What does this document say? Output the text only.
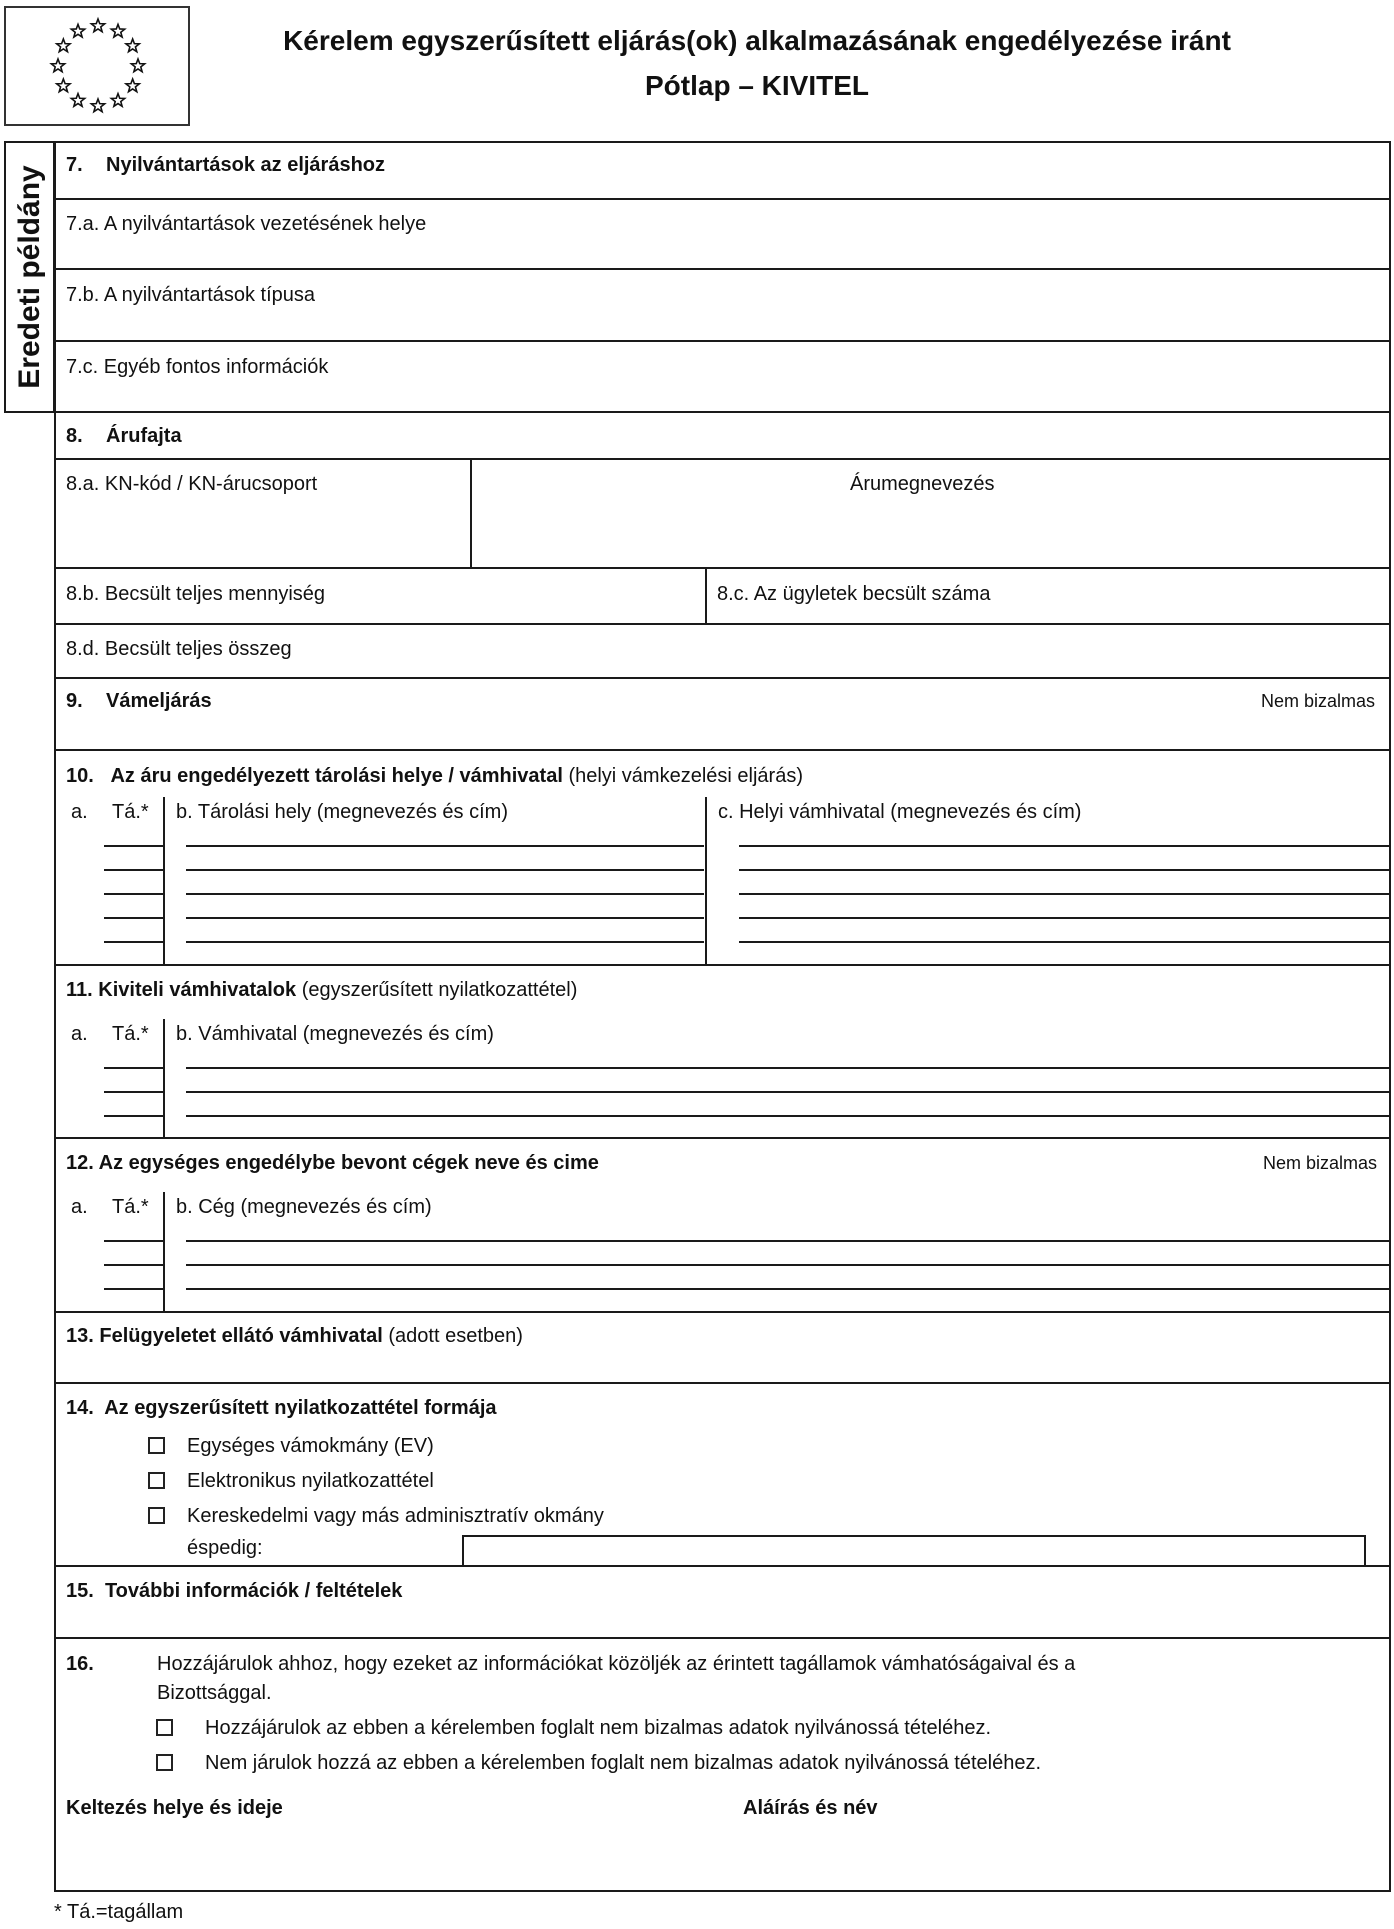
Kérelem egyszerűsített eljárás(ok) alkalmazásának engedélyezése iránt
Pótlap – KIVITEL
Eredeti példány
7. Nyilvántartások az eljáráshoz
7.a. A nyilvántartások vezetésének helye
7.b. A nyilvántartások típusa
7.c. Egyéb fontos információk
8. Árufajta
8.a. KN-kód / KN-árucsoport	Árumegnevezés
8.b. Becsült teljes mennyiség	8.c. Az ügyletek becsült száma
8.d. Becsült teljes összeg
9. Vámeljárás	Nem bizalmas
10. Az áru engedélyezett tárolási helye / vámhivatal (helyi vámkezelési eljárás)
a. Tá.* b. Tárolási hely (megnevezés és cím)	c. Helyi vámhivatal (megnevezés és cím)
11. Kiviteli vámhivatalok (egyszerűsített nyilatkozattétel)
a. Tá.* b. Vámhivatal (megnevezés és cím)
12. Az egységes engedélybe bevont cégek neve és cime	Nem bizalmas
a. Tá.* b. Cég (megnevezés és cím)
13. Felügyeletet ellátó vámhivatal (adott esetben)
14. Az egyszerűsített nyilatkozattétel formája
Egységes vámokmány (EV)
Elektronikus nyilatkozattétel
Kereskedelmi vagy más adminisztratív okmány
éspedig:
15. További információk / feltételek
16.	Hozzájárulok ahhoz, hogy ezeket az információkat közöljék az érintett tagállamok vámhatóságaival és a
Bizottsággal.
Hozzájárulok az ebben a kérelemben foglalt nem bizalmas adatok nyilvánossá tételéhez.
Nem járulok hozzá az ebben a kérelemben foglalt nem bizalmas adatok nyilvánossá tételéhez.
Keltezés helye és ideje	Aláírás és név
* Tá.=tagállam
